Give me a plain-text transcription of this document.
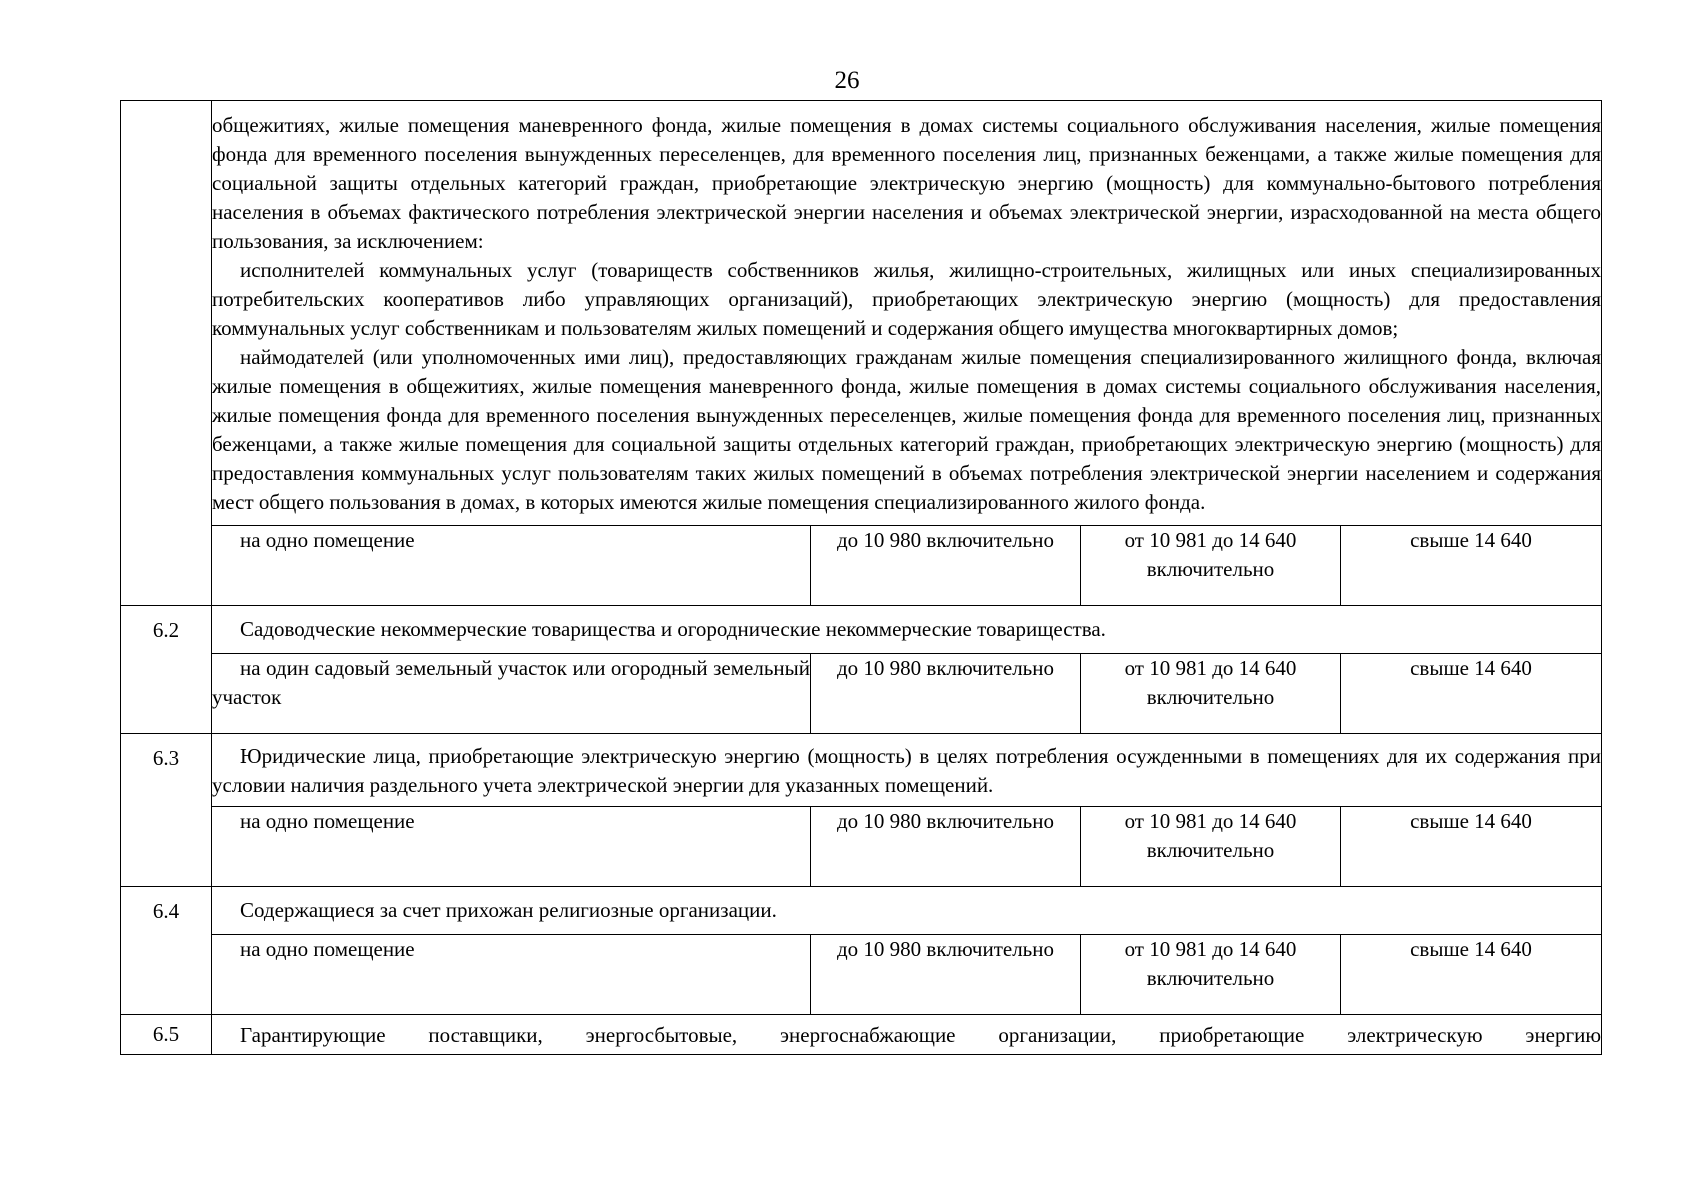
26

	общежитиях, жилые помещения маневренного фонда, жилые помещения в домах системы социального обслуживания населения, жилые помещения фонда для временного поселения вынужденных переселенцев, для временного поселения лиц, признанных беженцами, а также жилые помещения для социальной защиты отдельных категорий граждан, приобретающие электрическую энергию (мощность) для коммунально-бытового потребления населения в объемах фактического потребления электрической энергии населения и объемах электрической энергии, израсходованной на места общего пользования, за исключением:

исполнителей коммунальных услуг (товариществ собственников жилья, жилищно-строительных, жилищных или иных специализированных потребительских кооперативов либо управляющих организаций), приобретающих электрическую энергию (мощность) для предоставления коммунальных услуг собственникам и пользователям жилых помещений и содержания общего имущества многоквартирных домов;

наймодателей (или уполномоченных ими лиц), предоставляющих гражданам жилые помещения специализированного жилищного фонда, включая жилые помещения в общежитиях, жилые помещения маневренного фонда, жилые помещения в домах системы социального обслуживания населения, жилые помещения фонда для временного поселения вынужденных переселенцев, жилые помещения фонда для временного поселения лиц, признанных беженцами, а также жилые помещения для социальной защиты отдельных категорий граждан, приобретающих электрическую энергию (мощность) для предоставления коммунальных услуг пользователям таких жилых помещений в объемах потребления электрической энергии населением и содержания мест общего пользования в домах, в которых имеются жилые помещения специализированного жилого фонда.			

	на одно помещение	до 10 980 включительно	от 10 981 до 14 640 включительно	свыше 14 640

6.2	Садоводческие некоммерческие товарищества и огороднические некоммерческие товарищества.			

	на один садовый земельный участок или огородный земельный участок	до 10 980 включительно	от 10 981 до 14 640 включительно	свыше 14 640

6.3	Юридические лица, приобретающие электрическую энергию (мощность) в целях потребления осужденными в помещениях для их содержания при условии наличия раздельного учета электрической энергии для указанных помещений.			

	на одно помещение	до 10 980 включительно	от 10 981 до 14 640 включительно	свыше 14 640

6.4	Содержащиеся за счет прихожан религиозные организации.			

	на одно помещение	до 10 980 включительно	от 10 981 до 14 640 включительно	свыше 14 640
6.5	Гарантирующие поставщики, энергосбытовые, энергоснабжающие организации, приобретающие электрическую энергию			
